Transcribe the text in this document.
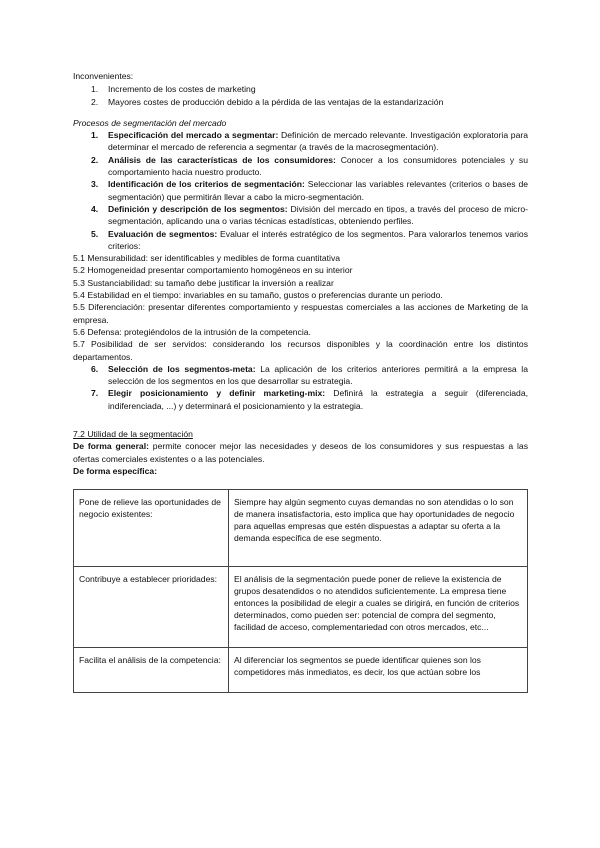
Inconvenientes:

1. Incremento de los costes de marketing
2. Mayores costes de producción debido a la pérdida de las ventajas de la estandarización

Procesos de segmentación del mercado

1. Especificación del mercado a segmentar: Definición de mercado relevante. Investigación exploratoria para determinar el mercado de referencia a segmentar (a través de la macrosegmentación).
2. Análisis de las características de los consumidores: Conocer a los consumidores potenciales y su comportamiento hacia nuestro producto.
3. Identificación de los criterios de segmentación: Seleccionar las variables relevantes (criterios o bases de segmentación) que permitirán llevar a cabo la micro-segmentación.
4. Definición y descripción de los segmentos: División del mercado en tipos, a través del proceso de micro-segmentación, aplicando una o varias técnicas estadísticas, obteniendo perfiles.
5. Evaluación de segmentos: Evaluar el interés estratégico de los segmentos. Para valorarlos tenemos varios criterios:

5.1 Mensurabilidad: ser identificables y medibles de forma cuantitativa

5.2 Homogeneidad presentar comportamiento homogéneos en su interior

5.3 Sustanciabilidad: su tamaño debe justificar la inversión a realizar

5.4 Estabilidad en el tiempo: invariables en su tamaño, gustos o preferencias durante un periodo.

5.5 Diferenciación: presentar diferentes comportamiento y respuestas comerciales a las acciones de Marketing de la empresa.

5.6 Defensa: protegiéndolos de la intrusión de la competencia.

5.7 Posibilidad de ser servidos: considerando los recursos disponibles y la coordinación entre los distintos departamentos.

6. Selección de los segmentos-meta: La aplicación de los criterios anteriores permitirá a la empresa la selección de los segmentos en los que desarrollar su estrategia.
7. Elegir posicionamiento y definir marketing-mix: Definirá la estrategia a seguir (diferenciada, indiferenciada, ...) y determinará el posicionamiento y la estrategia.

7.2 Utilidad de la segmentación

De forma general: permite conocer mejor las necesidades y deseos de los consumidores y sus respuestas a las ofertas comerciales existentes o a las potenciales.

De forma específica:

Pone de relieve las oportunidades de negocio existentes:	Siempre hay algún segmento cuyas demandas no son atendidas o lo son de manera insatisfactoria, esto implica que hay oportunidades de negocio para aquellas empresas que estén dispuestas a adaptar su oferta a la demanda específica de ese segmento.
Contribuye a establecer prioridades:	El análisis de la segmentación puede poner de relieve la existencia de grupos desatendidos o no atendidos suficientemente. La empresa tiene entonces la posibilidad de elegir a cuales se dirigirá, en función de criterios determinados, como pueden ser: potencial de compra del segmento, facilidad de acceso, complementariedad con otros mercados, etc...
Facilita el análisis de la competencia:	Al diferenciar los segmentos se puede identificar quienes son los competidores más inmediatos, es decir, los que actúan sobre los
